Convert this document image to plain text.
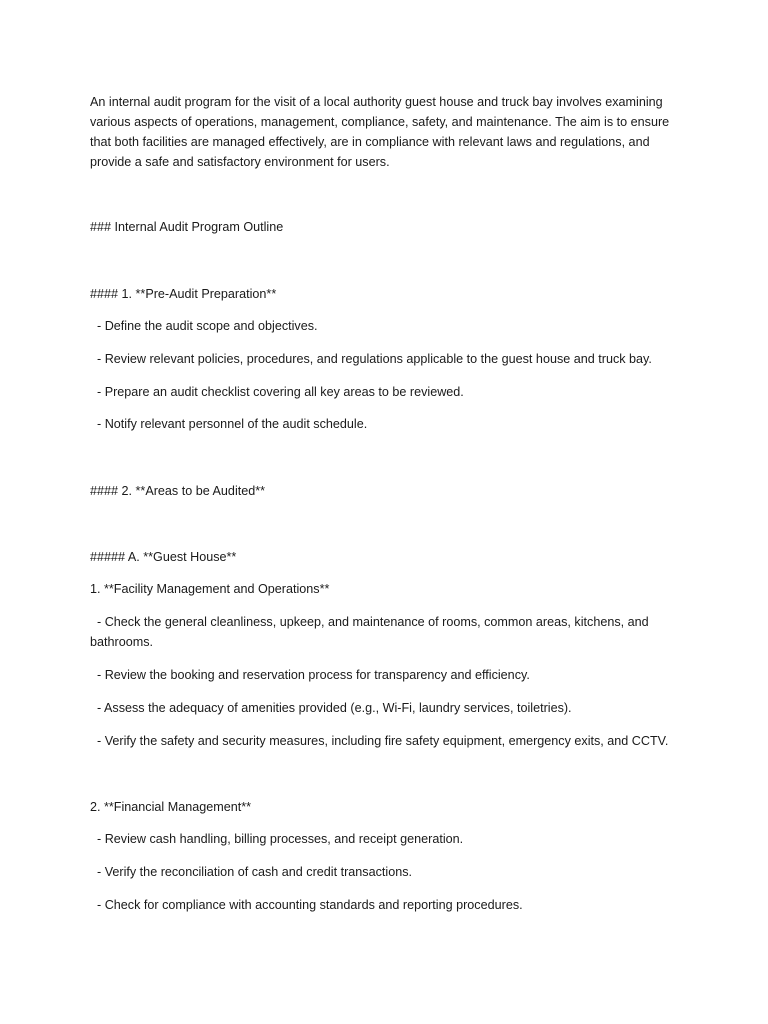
An internal audit program for the visit of a local authority guest house and truck bay involves examining

various aspects of operations, management, compliance, safety, and maintenance. The aim is to ensure

that both facilities are managed effectively, are in compliance with relevant laws and regulations, and

provide a safe and satisfactory environment for users.

### Internal Audit Program Outline

#### 1. **Pre-Audit Preparation**

- Define the audit scope and objectives.

- Review relevant policies, procedures, and regulations applicable to the guest house and truck bay.

- Prepare an audit checklist covering all key areas to be reviewed.

- Notify relevant personnel of the audit schedule.

#### 2. **Areas to be Audited**

##### A. **Guest House**

1. **Facility Management and Operations**

- Check the general cleanliness, upkeep, and maintenance of rooms, common areas, kitchens, and

bathrooms.

- Review the booking and reservation process for transparency and efficiency.

- Assess the adequacy of amenities provided (e.g., Wi-Fi, laundry services, toiletries).

- Verify the safety and security measures, including fire safety equipment, emergency exits, and CCTV.

2. **Financial Management**

- Review cash handling, billing processes, and receipt generation.

- Verify the reconciliation of cash and credit transactions.

- Check for compliance with accounting standards and reporting procedures.
